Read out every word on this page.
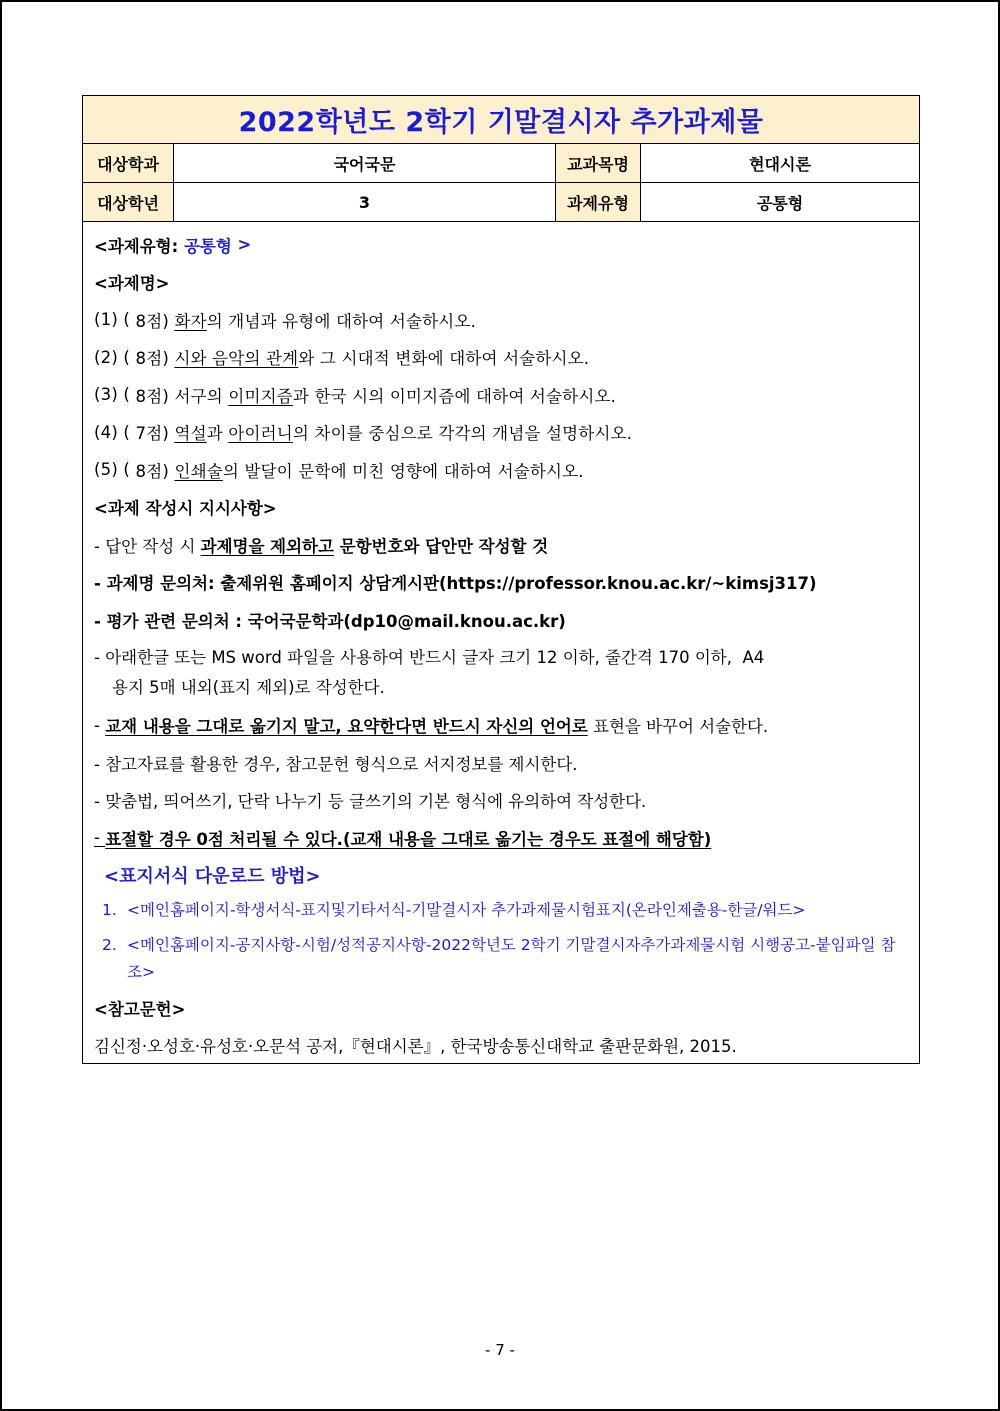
2022학년도 2학기 기말결시자 추가과제물
대상학과	국어국문	교과목명	현대시론
대상학년	3	과제유형	공통형
<과제유형: 공통형 >
<과제명>
(1) ( 8점) 화자 의 개념과 유형에 대하여 서술하시오.
(2) ( 8점) 시와 음악의 관계 와 그 시대적 변화에 대하여 서술하시오.
(3) ( 8점) 서구의 이미지즘 과 한국 시의 이미지즘에 대하여 서술하시오.
(4) ( 7점) 역설 과 아이러니 의 차이를 중심으로 각각의 개념을 설명하시오.
(5) ( 8점) 인쇄술 의 발달이 문학에 미친 영향에 대하여 서술하시오.
<과제 작성시 지시사항>
- 답안 작성 시 과제명을 제외하고 문항번호와 답안만 작성할 것
- 과제명 문의처: 출제위원 홈페이지 상담게시판(https://professor.knou.ac.kr/~kimsj317)
- 평가 관련 문의처 : 국어국문학과(dp10@mail.knou.ac.kr)
- 아래한글 또는 MS word 파일을 사용하여 반드시 글자 크기 12 이하, 줄간격 170 이하,  A4
용지 5매 내외(표지 제외)로 작성한다.
- 교재 내용을 그대로 옮기지 말고, 요약한다면 반드시 자신의 언어로 표현을 바꾸어 서술한다.
- 참고자료를 활용한 경우, 참고문헌 형식으로 서지정보를 제시한다.
- 맞춤법, 띄어쓰기, 단락 나누기 등 글쓰기의 기본 형식에 유의하여 작성한다.
- 표절할 경우 0점 처리될 수 있다.(교재 내용을 그대로 옮기는 경우도 표절에 해당함)
<표지서식 다운로드 방법>
1. <메인홈페이지-학생서식-표지및기타서식-기말결시자 추가과제물시험표지(온라인제출용-한글/워드>
2. <메인홈페이지-공지사항-시험/성적공지사항-2022학년도 2학기 기말결시자추가과제물시험 시행공고-붙임파일 참조>
<참고문헌>
김신정·오성호·유성호·오문석 공저,『현대시론』, 한국방송통신대학교 출판문화원, 2015.
- 7 -
